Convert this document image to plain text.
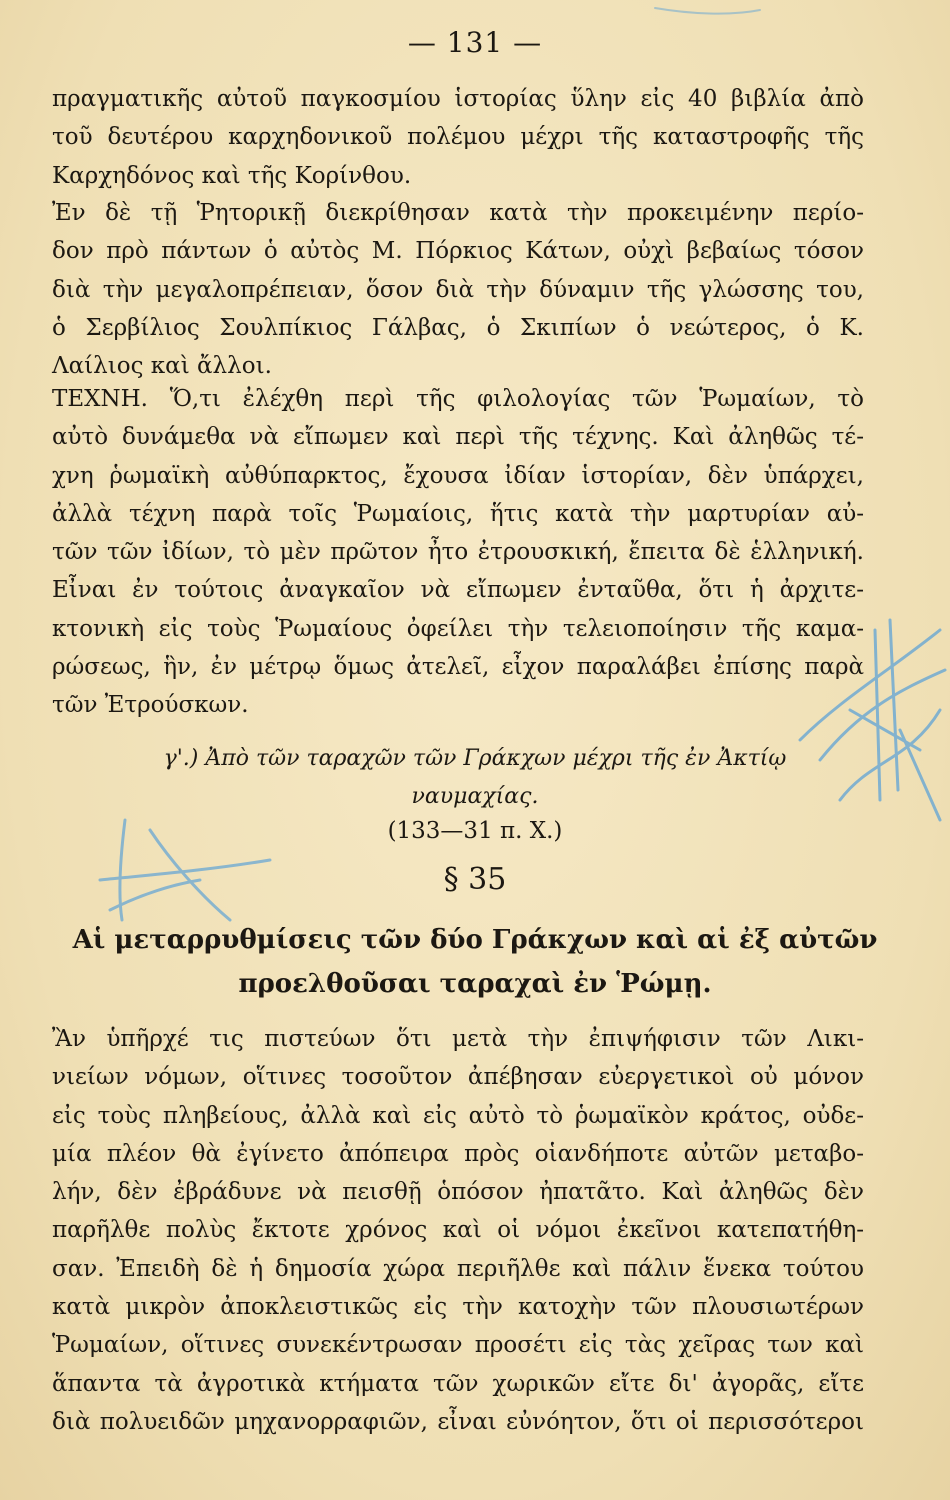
— 131 —
πραγματικῆς αὐτοῦ παγκοσμίου ἱστορίας ὕλην εἰς 40 βιβλία ἀπὸ
τοῦ δευτέρου καρχηδονικοῦ πολέμου μέχρι τῆς καταστροφῆς τῆς
Καρχηδόνος καὶ τῆς Κορίνθου.
Ἐν δὲ τῇ Ῥητορικῇ διεκρίθησαν κατὰ τὴν προκειμένην περίο-
δον πρὸ πάντων ὁ αὐτὸς Μ. Πόρκιος Κάτων, οὐχὶ βεβαίως τόσον
διὰ τὴν μεγαλοπρέπειαν, ὅσον διὰ τὴν δύναμιν τῆς γλώσσης του,
ὁ Σερβίλιος Σουλπίκιος Γάλβας, ὁ Σκιπίων ὁ νεώτερος, ὁ Κ.
Λαίλιος καὶ ἄλλοι.
ΤΕΧΝΗ. Ὅ,τι ἐλέχθη περὶ τῆς φιλολογίας τῶν Ῥωμαίων, τὸ
αὐτὸ δυνάμεθα νὰ εἴπωμεν καὶ περὶ τῆς τέχνης. Καὶ ἀληθῶς τέ-
χνη ῥωμαϊκὴ αὐθύπαρκτος, ἔχουσα ἰδίαν ἱστορίαν, δὲν ὑπάρχει,
ἀλλὰ τέχνη παρὰ τοῖς Ῥωμαίοις, ἥτις κατὰ τὴν μαρτυρίαν αὐ-
τῶν τῶν ἰδίων, τὸ μὲν πρῶτον ἦτο ἐτρουσκική, ἔπειτα δὲ ἑλληνική.
Εἶναι ἐν τούτοις ἀναγκαῖον νὰ εἴπωμεν ἐνταῦθα, ὅτι ἡ ἀρχιτε-
κτονικὴ εἰς τοὺς Ῥωμαίους ὀφείλει τὴν τελειοποίησιν τῆς καμα-
ρώσεως, ἣν, ἐν μέτρῳ ὅμως ἀτελεῖ, εἶχον παραλάβει ἐπίσης παρὰ
τῶν Ἐτρούσκων.
γ'.) Ἀπὸ τῶν ταραχῶν τῶν Γράκχων μέχρι τῆς ἐν Ἀκτίῳ
ναυμαχίας.
(133—31 π. Χ.)
§ 35
Αἱ μεταρρυθμίσεις τῶν δύο Γράκχων καὶ αἱ ἐξ αὐτῶν
προελθοῦσαι ταραχαὶ ἐν Ῥώμῃ.
Ἂν ὑπῆρχέ τις πιστεύων ὅτι μετὰ τὴν ἐπιψήφισιν τῶν Λικι-
νιείων νόμων, οἵτινες τοσοῦτον ἀπέβησαν εὐεργετικοὶ οὐ μόνον
εἰς τοὺς πληβείους, ἀλλὰ καὶ εἰς αὐτὸ τὸ ῥωμαϊκὸν κράτος, οὐδε-
μία πλέον θὰ ἐγίνετο ἀπόπειρα πρὸς οἱανδήποτε αὐτῶν μεταβο-
λήν, δὲν ἐβράδυνε νὰ πεισθῇ ὁπόσον ἠπατᾶτο. Καὶ ἀληθῶς δὲν
παρῆλθε πολὺς ἔκτοτε χρόνος καὶ οἱ νόμοι ἐκεῖνοι κατεπατήθη-
σαν. Ἐπειδὴ δὲ ἡ δημοσία χώρα περιῆλθε καὶ πάλιν ἕνεκα τούτου
κατὰ μικρὸν ἀποκλειστικῶς εἰς τὴν κατοχὴν τῶν πλουσιωτέρων
Ῥωμαίων, οἵτινες συνεκέντρωσαν προσέτι εἰς τὰς χεῖρας των καὶ
ἅπαντα τὰ ἀγροτικὰ κτήματα τῶν χωρικῶν εἴτε δι' ἀγορᾶς, εἴτε
διὰ πολυειδῶν μηχανορραφιῶν, εἶναι εὐνόητον, ὅτι οἱ περισσότεροι
